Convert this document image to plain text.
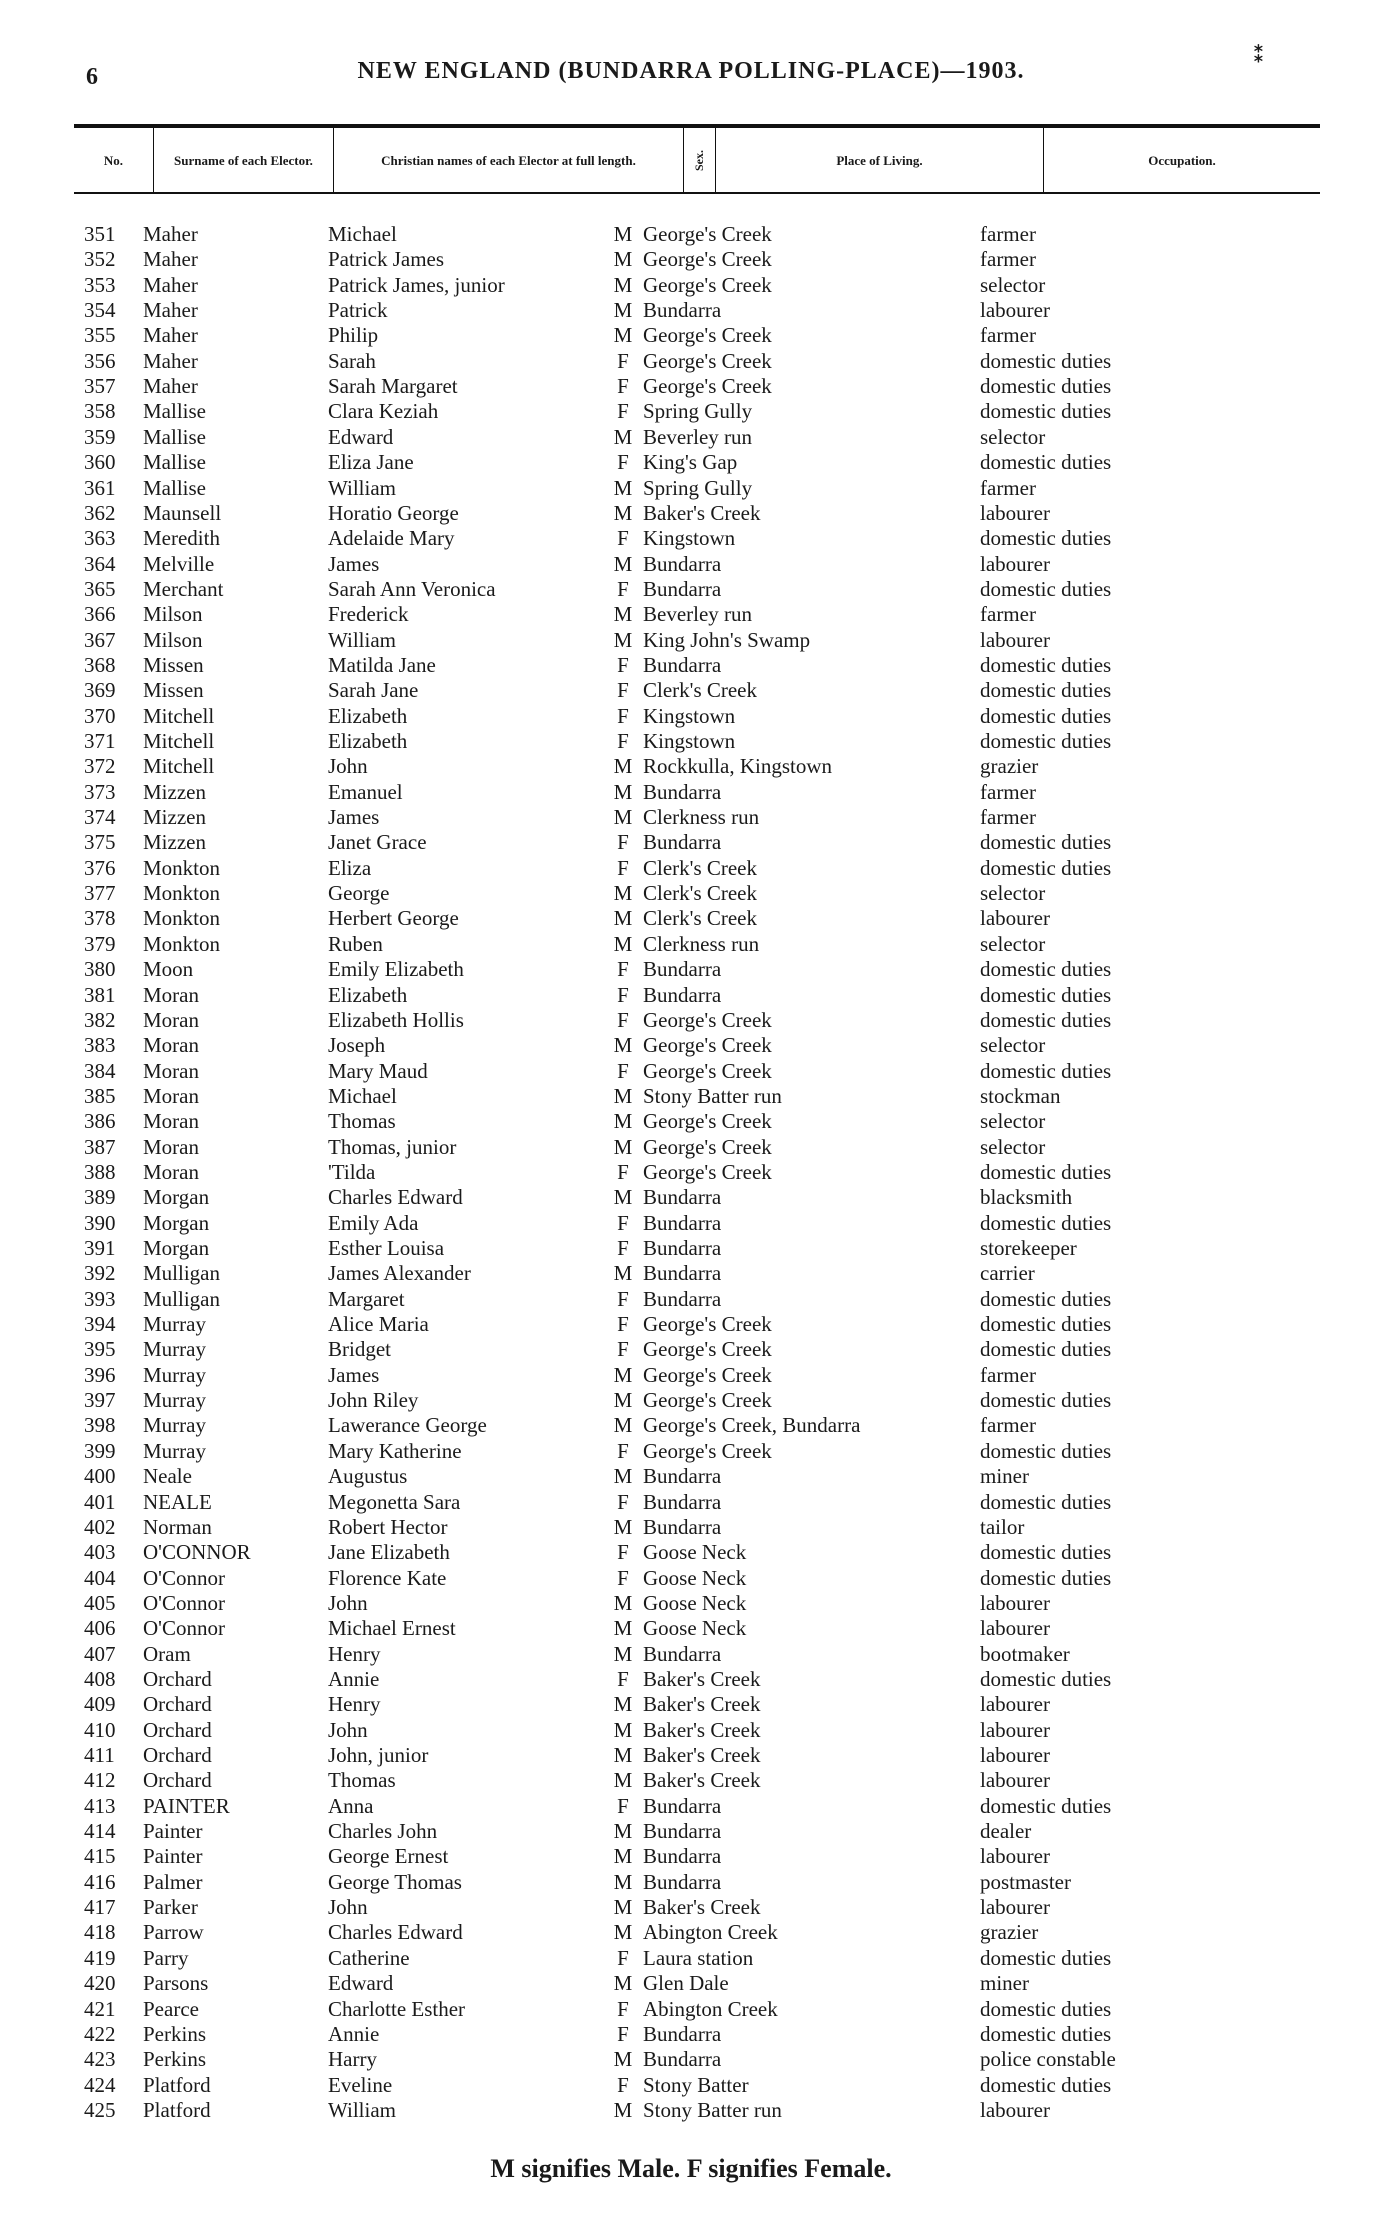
6	NEW ENGLAND (BUNDARRA POLLING-PLACE)—1903.
⁑
No.	Surname of each Elector.	Christian names of each Elector at full length.	Sex.	Place of Living.	Occupation.
351	Maher	Michael	M George's Creek	farmer
352	Maher	Patrick James	M George's Creek	farmer
353	Maher	Patrick James, junior	M George's Creek	selector
354	Maher	Patrick	M Bundarra	labourer
355	Maher	Philip	M George's Creek	farmer
356	Maher	Sarah	F George's Creek	domestic duties
357	Maher	Sarah Margaret	F George's Creek	domestic duties
358	Mallise	Clara Keziah	F Spring Gully	domestic duties
359	Mallise	Edward	M Beverley run	selector
360	Mallise	Eliza Jane	F King's Gap	domestic duties
361	Mallise	William	M Spring Gully	farmer
362	Maunsell	Horatio George	M Baker's Creek	labourer
363	Meredith	Adelaide Mary	F Kingstown	domestic duties
364	Melville	James	M Bundarra	labourer
365	Merchant	Sarah Ann Veronica	F Bundarra	domestic duties
366	Milson	Frederick	M Beverley run	farmer
367	Milson	William	M King John's Swamp	labourer
368	Missen	Matilda Jane	F Bundarra	domestic duties
369	Missen	Sarah Jane	F Clerk's Creek	domestic duties
370	Mitchell	Elizabeth	F Kingstown	domestic duties
371	Mitchell	Elizabeth	F Kingstown	domestic duties
372	Mitchell	John	M Rockkulla, Kingstown	grazier
373	Mizzen	Emanuel	M Bundarra	farmer
374	Mizzen	James	M Clerkness run	farmer
375	Mizzen	Janet Grace	F Bundarra	domestic duties
376	Monkton	Eliza	F Clerk's Creek	domestic duties
377	Monkton	George	M Clerk's Creek	selector
378	Monkton	Herbert George	M Clerk's Creek	labourer
379	Monkton	Ruben	M Clerkness run	selector
380	Moon	Emily Elizabeth	F Bundarra	domestic duties
381	Moran	Elizabeth	F Bundarra	domestic duties
382	Moran	Elizabeth Hollis	F George's Creek	domestic duties
383	Moran	Joseph	M George's Creek	selector
384	Moran	Mary Maud	F George's Creek	domestic duties
385	Moran	Michael	M Stony Batter run	stockman
386	Moran	Thomas	M George's Creek	selector
387	Moran	Thomas, junior	M George's Creek	selector
388	Moran	'Tilda	F George's Creek	domestic duties
389	Morgan	Charles Edward	M Bundarra	blacksmith
390	Morgan	Emily Ada	F Bundarra	domestic duties
391	Morgan	Esther Louisa	F Bundarra	storekeeper
392	Mulligan	James Alexander	M Bundarra	carrier
393	Mulligan	Margaret	F Bundarra	domestic duties
394	Murray	Alice Maria	F George's Creek	domestic duties
395	Murray	Bridget	F George's Creek	domestic duties
396	Murray	James	M George's Creek	farmer
397	Murray	John Riley	M George's Creek	domestic duties
398	Murray	Lawerance George	M George's Creek, Bundarra	farmer
399	Murray	Mary Katherine	F George's Creek	domestic duties
400	Neale	Augustus	M Bundarra	miner
401	NEALE	Megonetta Sara	F Bundarra	domestic duties
402	Norman	Robert Hector	M Bundarra	tailor
403	O'CONNOR	Jane Elizabeth	F Goose Neck	domestic duties
404	O'Connor	Florence Kate	F Goose Neck	domestic duties
405	O'Connor	John	M Goose Neck	labourer
406	O'Connor	Michael Ernest	M Goose Neck	labourer
407	Oram	Henry	M Bundarra	bootmaker
408	Orchard	Annie	F Baker's Creek	domestic duties
409	Orchard	Henry	M Baker's Creek	labourer
410	Orchard	John	M Baker's Creek	labourer
411	Orchard	John, junior	M Baker's Creek	labourer
412	Orchard	Thomas	M Baker's Creek	labourer
413	PAINTER	Anna	F Bundarra	domestic duties
414	Painter	Charles John	M Bundarra	dealer
415	Painter	George Ernest	M Bundarra	labourer
416	Palmer	George Thomas	M Bundarra	postmaster
417	Parker	John	M Baker's Creek	labourer
418	Parrow	Charles Edward	M Abington Creek	grazier
419	Parry	Catherine	F Laura station	domestic duties
420	Parsons	Edward	M Glen Dale	miner
421	Pearce	Charlotte Esther	F Abington Creek	domestic duties
422	Perkins	Annie	F Bundarra	domestic duties
423	Perkins	Harry	M Bundarra	police constable
424	Platford	Eveline	F Stony Batter	domestic duties
425	Platford	William	M Stony Batter run	labourer
M signifies Male. F signifies Female.
